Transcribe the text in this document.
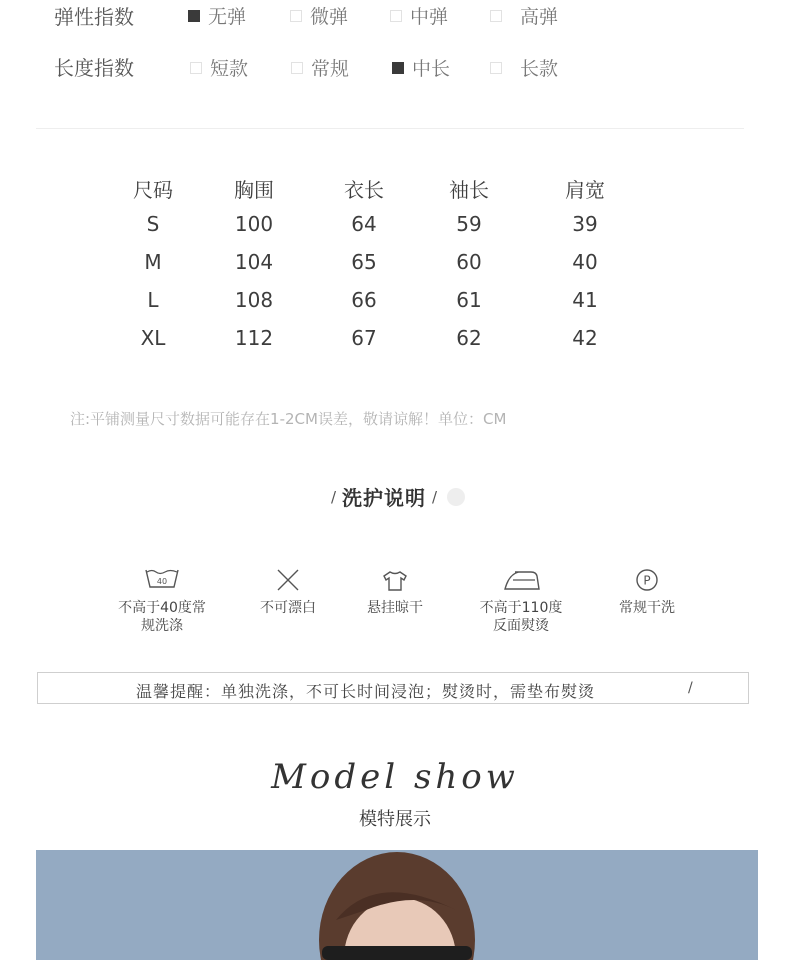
弹性指数	无弹	微弹	中弹	高弹
长度指数	短款	常规	中长	长款
尺码	胸围	衣长	袖长	肩宽
S	100	64	59	39
M	104	65	60	40
L	108	66	61	41
XL	112	67	62	42
注:平铺测量尺寸数据可能存在1-2CM误差，敬请谅解！单位：CM
/ 洗护说明 /
40	P
不高于40度常
规洗涤
不可漂白	悬挂晾干	不高于110度
反面熨烫
常规干洗
温馨提醒：单独洗涤，不可长时间浸泡；熨烫时，需垫布熨烫	/
Model show
模特展示
